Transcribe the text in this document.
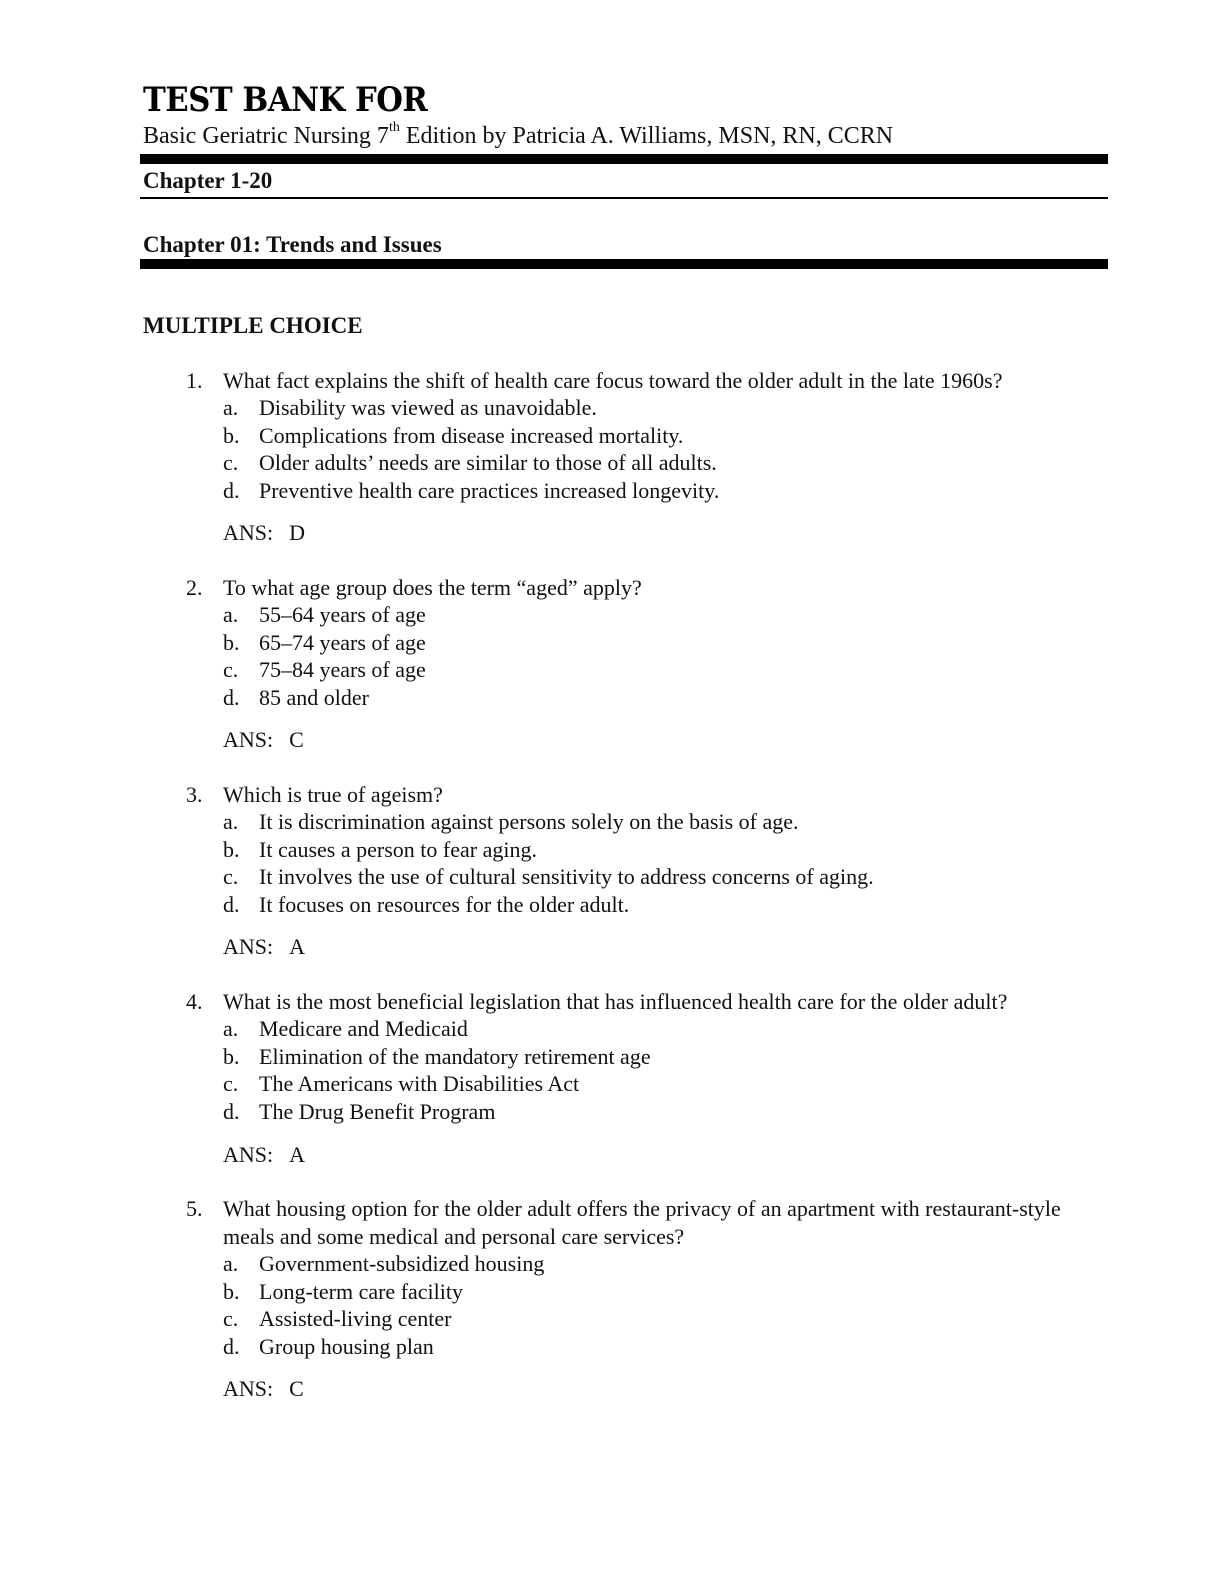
TEST BANK FOR
Basic Geriatric Nursing 7th Edition by Patricia A. Williams, MSN, RN, CCRN
Chapter 1-20
Chapter 01: Trends and Issues
MULTIPLE CHOICE
1. What fact explains the shift of health care focus toward the older adult in the late 1960s?
a. Disability was viewed as unavoidable.
b. Complications from disease increased mortality.
c. Older adults’ needs are similar to those of all adults.
d. Preventive health care practices increased longevity.
ANS: D
2. To what age group does the term “aged” apply?
a. 55–64 years of age
b. 65–74 years of age
c. 75–84 years of age
d. 85 and older
ANS: C
3. Which is true of ageism?
a. It is discrimination against persons solely on the basis of age.
b. It causes a person to fear aging.
c. It involves the use of cultural sensitivity to address concerns of aging.
d. It focuses on resources for the older adult.
ANS: A
4. What is the most beneficial legislation that has influenced health care for the older adult?
a. Medicare and Medicaid
b. Elimination of the mandatory retirement age
c. The Americans with Disabilities Act
d. The Drug Benefit Program
ANS: A
5. What housing option for the older adult offers the privacy of an apartment with restaurant-style meals and some medical and personal care services?
a. Government-subsidized housing
b. Long-term care facility
c. Assisted-living center
d. Group housing plan
ANS: C
